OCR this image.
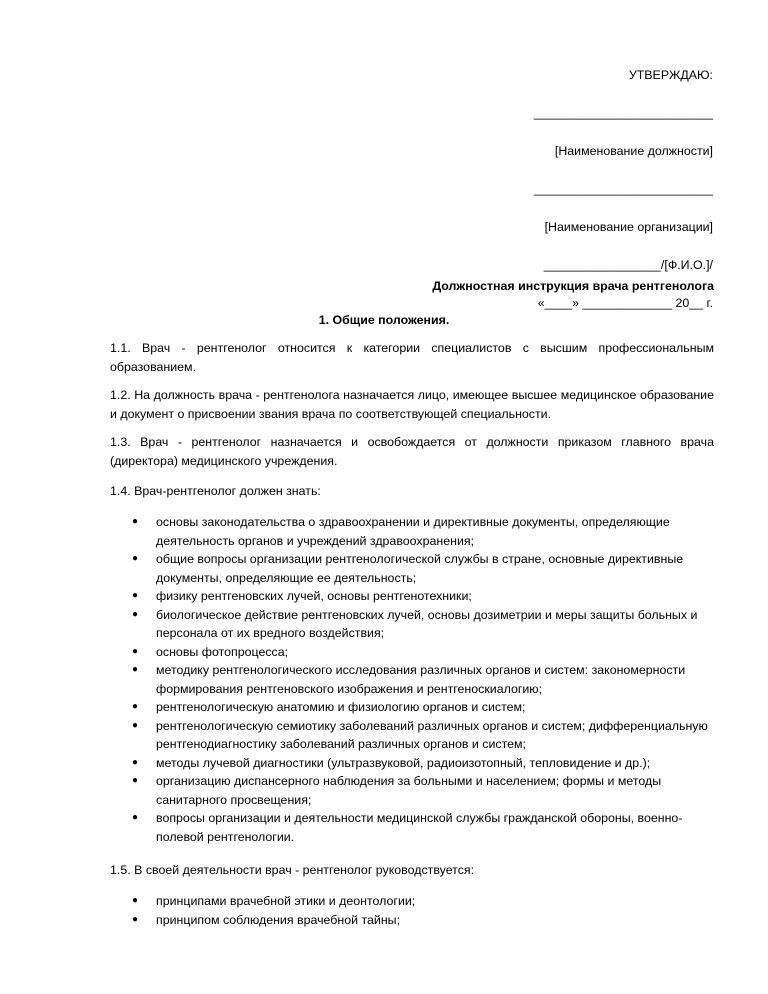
УТВЕРЖДАЮ:
__________________________
[Наименование должности]
__________________________
[Наименование организации]
_________________/[Ф.И.О.]/
«____» _____________ 20__ г.
Должностная инструкция врача рентгенолога
1. Общие положения.

1.1. Врач - рентгенолог относится к категории специалистов с высшим профессиональным образованием.

1.2. На должность врача - рентгенолога назначается лицо, имеющее высшее медицинское образование и документ о присвоении звания врача по соответствующей специальности.

1.3. Врач - рентгенолог назначается и освобождается от должности приказом главного врача (директора) медицинского учреждения.

1.4. Врач-рентгенолог должен знать:

● основы законодательства о здравоохранении и директивные документы, определяющие деятельность органов и учреждений здравоохранения;
● общие вопросы организации рентгенологической службы в стране, основные директивные документы, определяющие ее деятельность;
● физику рентгеновских лучей, основы рентгенотехники;
● биологическое действие рентгеновских лучей, основы дозиметрии и меры защиты больных и персонала от их вредного воздействия;
● основы фотопроцесса;
● методику рентгенологического исследования различных органов и систем: закономерности формирования рентгеновского изображения и рентгеноскиалогию;
● рентгенологическую анатомию и физиологию органов и систем;
● рентгенологическую семиотику заболеваний различных органов и систем; дифференциальную рентгенодиагностику заболеваний различных органов и систем;
● методы лучевой диагностики (ультразвуковой, радиоизотопный, тепловидение и др.);
● организацию диспансерного наблюдения за больными и населением; формы и методы санитарного просвещения;
● вопросы организации и деятельности медицинской службы гражданской обороны, военно-полевой рентгенологии.

1.5. В своей деятельности врач - рентгенолог руководствуется:

● принципами врачебной этики и деонтологии;
● принципом соблюдения врачебной тайны;
